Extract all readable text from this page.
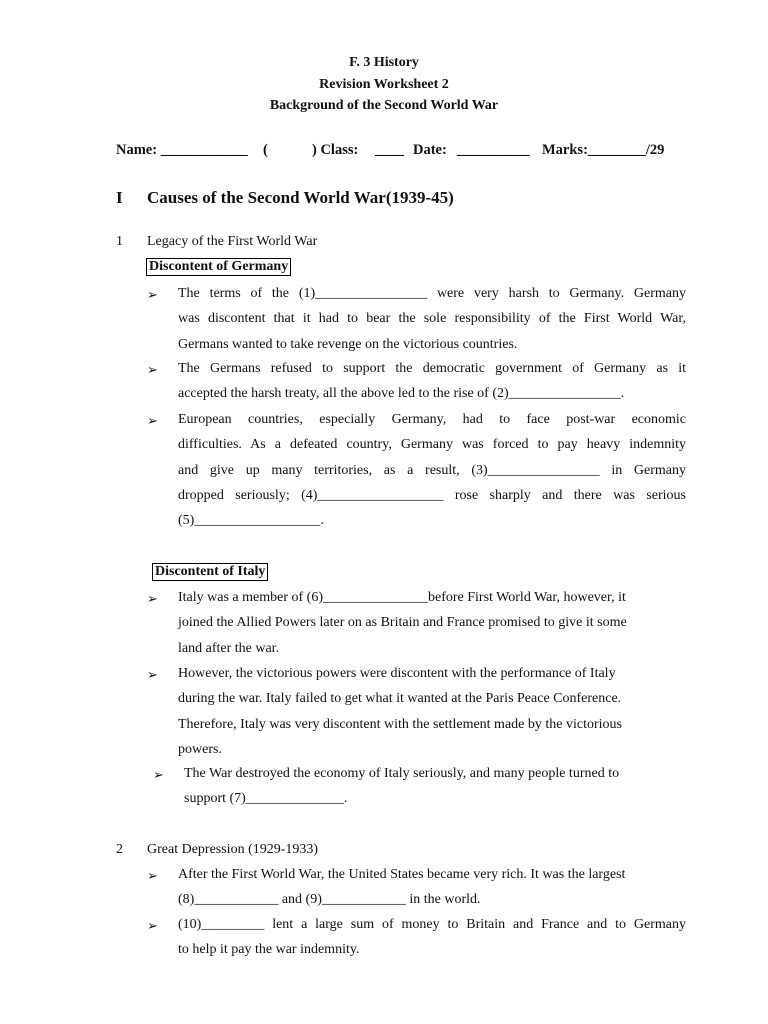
F. 3 History
Revision Worksheet 2
Background of the Second World War
Name: ____________ (	) Class: ____ Date: __________ Marks:________/29
I Causes of the Second World War(1939-45)
1 Legacy of the First World War
Discontent of Germany
➢ The terms of the (1)________________ were very harsh to Germany. Germany
was discontent that it had to bear the sole responsibility of the First World War,
Germans wanted to take revenge on the victorious countries.
➢ The Germans refused to support the democratic government of Germany as it
accepted the harsh treaty, all the above led to the rise of (2)________________.
➢ European countries, especially Germany, had to face post-war economic
difficulties. As a defeated country, Germany was forced to pay heavy indemnity
and give up many territories, as a result, (3)________________ in Germany
dropped seriously; (4)__________________ rose sharply and there was serious
(5)__________________.
Discontent of Italy
➢ Italy was a member of (6)_______________before First World War, however, it
joined the Allied Powers later on as Britain and France promised to give it some
land after the war.
➢ However, the victorious powers were discontent with the performance of Italy
during the war. Italy failed to get what it wanted at the Paris Peace Conference.
Therefore, Italy was very discontent with the settlement made by the victorious
powers.
➢ The War destroyed the economy of Italy seriously, and many people turned to
support (7)______________.
2 Great Depression (1929-1933)
➢ After the First World War, the United States became very rich. It was the largest
(8)____________ and (9)____________ in the world.
➢ (10)_________ lent a large sum of money to Britain and France and to Germany
to help it pay the war indemnity.
